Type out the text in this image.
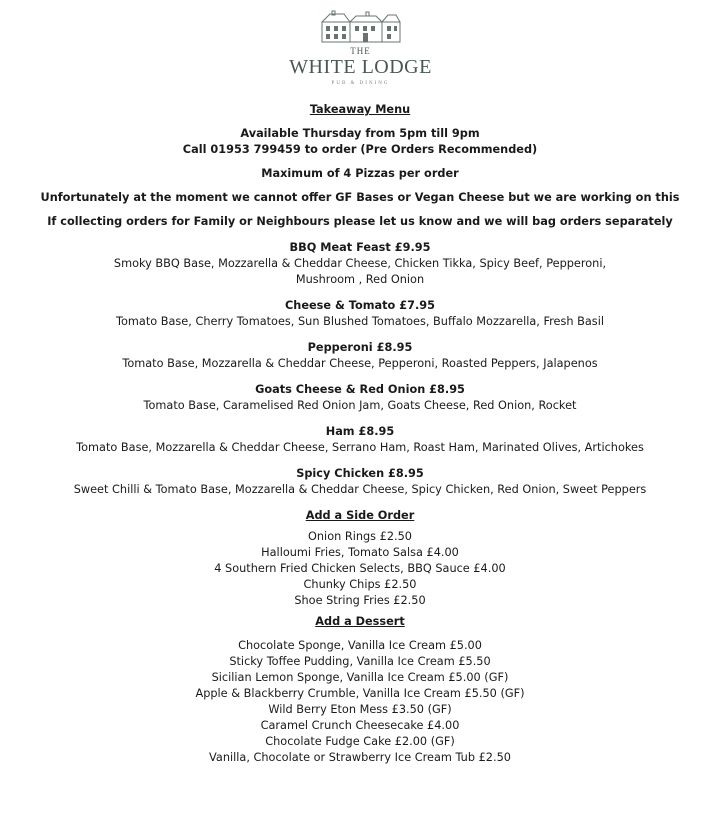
THE
WHITE LODGE
PUB & DINING
Takeaway Menu
Available Thursday from 5pm till 9pm
Call 01953 799459 to order (Pre Orders Recommended)
Maximum of 4 Pizzas per order
Unfortunately at the moment we cannot offer GF Bases or Vegan Cheese but we are working on this
If collecting orders for Family or Neighbours please let us know and we will bag orders separately
BBQ Meat Feast £9.95
Smoky BBQ Base, Mozzarella & Cheddar Cheese, Chicken Tikka, Spicy Beef, Pepperoni,
Mushroom , Red Onion
Cheese & Tomato £7.95
Tomato Base, Cherry Tomatoes, Sun Blushed Tomatoes, Buffalo Mozzarella, Fresh Basil
Pepperoni £8.95
Tomato Base, Mozzarella & Cheddar Cheese, Pepperoni, Roasted Peppers, Jalapenos
Goats Cheese & Red Onion £8.95
Tomato Base, Caramelised Red Onion Jam, Goats Cheese, Red Onion, Rocket
Ham £8.95
Tomato Base, Mozzarella & Cheddar Cheese, Serrano Ham, Roast Ham, Marinated Olives, Artichokes
Spicy Chicken £8.95
Sweet Chilli & Tomato Base, Mozzarella & Cheddar Cheese, Spicy Chicken, Red Onion, Sweet Peppers
Add a Side Order
Onion Rings £2.50
Halloumi Fries, Tomato Salsa £4.00
4 Southern Fried Chicken Selects, BBQ Sauce £4.00
Chunky Chips £2.50
Shoe String Fries £2.50
Add a Dessert
Chocolate Sponge, Vanilla Ice Cream £5.00
Sticky Toffee Pudding, Vanilla Ice Cream £5.50
Sicilian Lemon Sponge, Vanilla Ice Cream £5.00 (GF)
Apple & Blackberry Crumble, Vanilla Ice Cream £5.50 (GF)
Wild Berry Eton Mess £3.50 (GF)
Caramel Crunch Cheesecake £4.00
Chocolate Fudge Cake £2.00 (GF)
Vanilla, Chocolate or Strawberry Ice Cream Tub £2.50
